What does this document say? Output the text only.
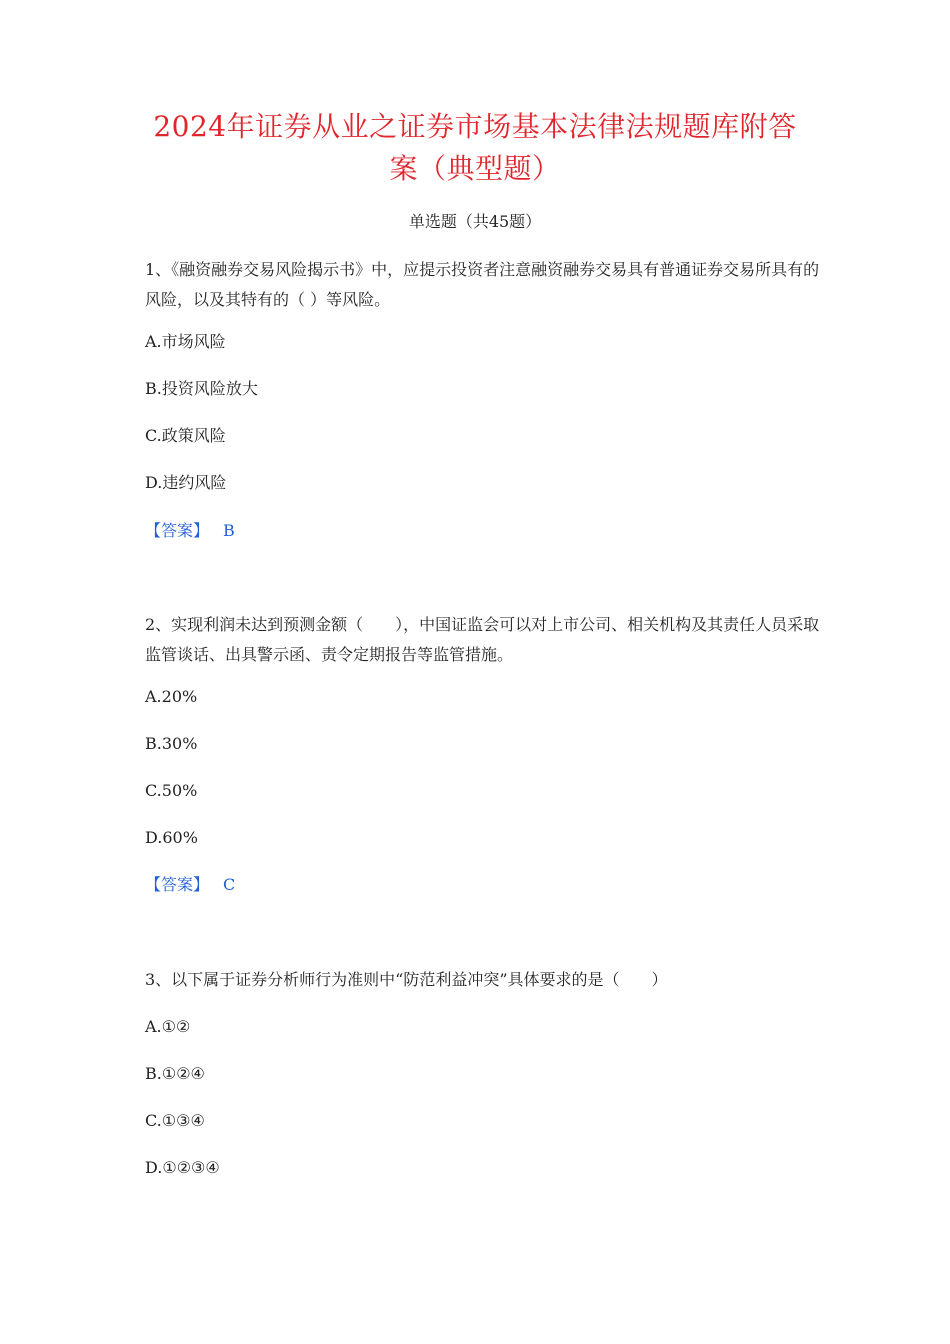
2024年证券从业之证券市场基本法律法规题库附答
案（典型题）
单选题（共45题）
1、《融资融券交易风险揭示书》中，应提示投资者注意融资融券交易具有普通证券交易所具有的风险，以及其特有的（ ）等风险。
A.市场风险
B.投资风险放大
C.政策风险
D.违约风险
【答案】 B
2、实现利润未达到预测金额（　　），中国证监会可以对上市公司、相关机构及其责任人员采取监管谈话、出具警示函、责令定期报告等监管措施。
A.20%
B.30%
C.50%
D.60%
【答案】 C
3、以下属于证券分析师行为准则中“防范利益冲突”具体要求的是（　　）
A.①②
B.①②④
C.①③④
D.①②③④
